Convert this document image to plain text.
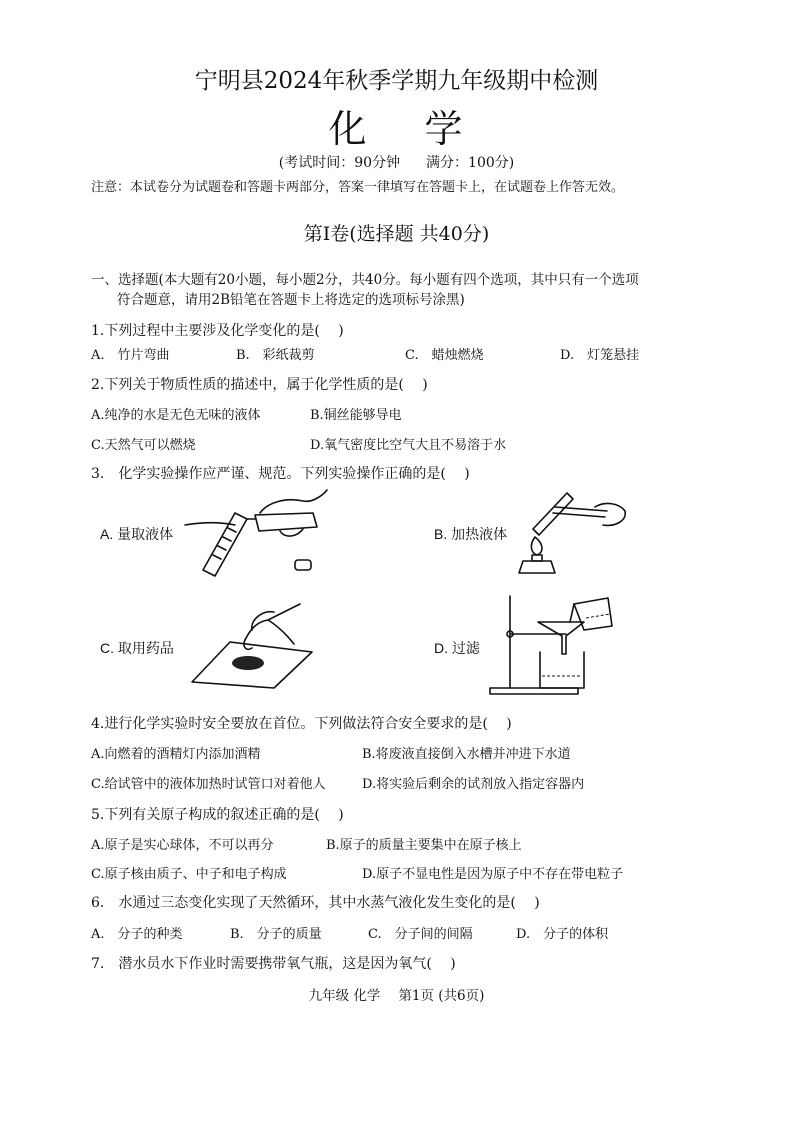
宁明县2024年秋季学期九年级期中检测
化 学
(考试时间：90分钟 满分：100分)
注意：本试卷分为试题卷和答题卡两部分，答案一律填写在答题卡上，在试题卷上作答无效。
第Ⅰ卷(选择题 共40分)
一、选择题(本大题有20小题，每小题2分，共40分。每小题有四个选项，其中只有一个选项
符合题意，请用2B铅笔在答题卡上将选定的选项标号涂黑)
1.下列过程中主要涉及化学变化的是(　 )
A.　竹片弯曲	B.　彩纸裁剪	C.　蜡烛燃烧	D.　灯笼悬挂
2.下列关于物质性质的描述中，属于化学性质的是(　 )
A.纯净的水是无色无味的液体	B.铜丝能够导电
C.天然气可以燃烧	D.氧气密度比空气大且不易溶于水
3.　化学实验操作应严谨、规范。下列实验操作正确的是(　 )
A. 量取液体	B. 加热液体
C. 取用药品	D. 过滤
4.进行化学实验时安全要放在首位。下列做法符合安全要求的是(　 )
A.向燃着的酒精灯内添加酒精	B.将废液直接倒入水槽并冲进下水道
C.给试管中的液体加热时试管口对着他人	D.将实验后剩余的试剂放入指定容器内
5.下列有关原子构成的叙述正确的是(　 )
A.原子是实心球体，不可以再分	B.原子的质量主要集中在原子核上
C.原子核由质子、中子和电子构成	D.原子不显电性是因为原子中不存在带电粒子
6.　水通过三态变化实现了天然循环，其中水蒸气液化发生变化的是(　 )
A.　分子的种类	B.　分子的质量	C.　分子间的间隔	D.　分子的体积
7.　潜水员水下作业时需要携带氧气瓶，这是因为氧气(　 )
九年级 化学 第1页 (共6页)
